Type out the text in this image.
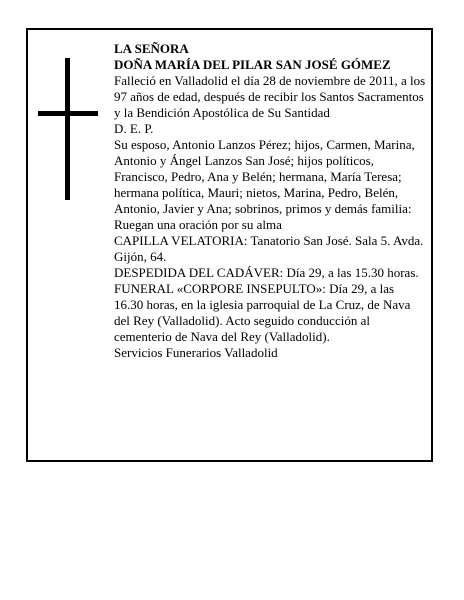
LA SEÑORA

DOÑA MARÍA DEL PILAR SAN JOSÉ GÓMEZ

Falleció en Valladolid el día 28 de noviembre de 2011, a los 97 años de edad, después de recibir los Santos Sacramentos y la Bendición Apostólica de Su Santidad

D. E. P.

Su esposo, Antonio Lanzos Pérez; hijos, Carmen, Marina, Antonio y Ángel Lanzos San José; hijos políticos, Francisco, Pedro, Ana y Belén; hermana, María Teresa; hermana política, Mauri; nietos, Marina, Pedro, Belén, Antonio, Javier y Ana; sobrinos, primos y demás familia:

Ruegan una oración por su alma

CAPILLA VELATORIA: Tanatorio San José. Sala 5. Avda. Gijón, 64.

DESPEDIDA DEL CADÁVER: Día 29, a las 15.30 horas.

FUNERAL «CORPORE INSEPULTO»: Día 29, a las 16.30 horas, en la iglesia parroquial de La Cruz, de Nava del Rey (Valladolid). Acto seguido conducción al cementerio de Nava del Rey (Valladolid).

Servicios Funerarios Valladolid
